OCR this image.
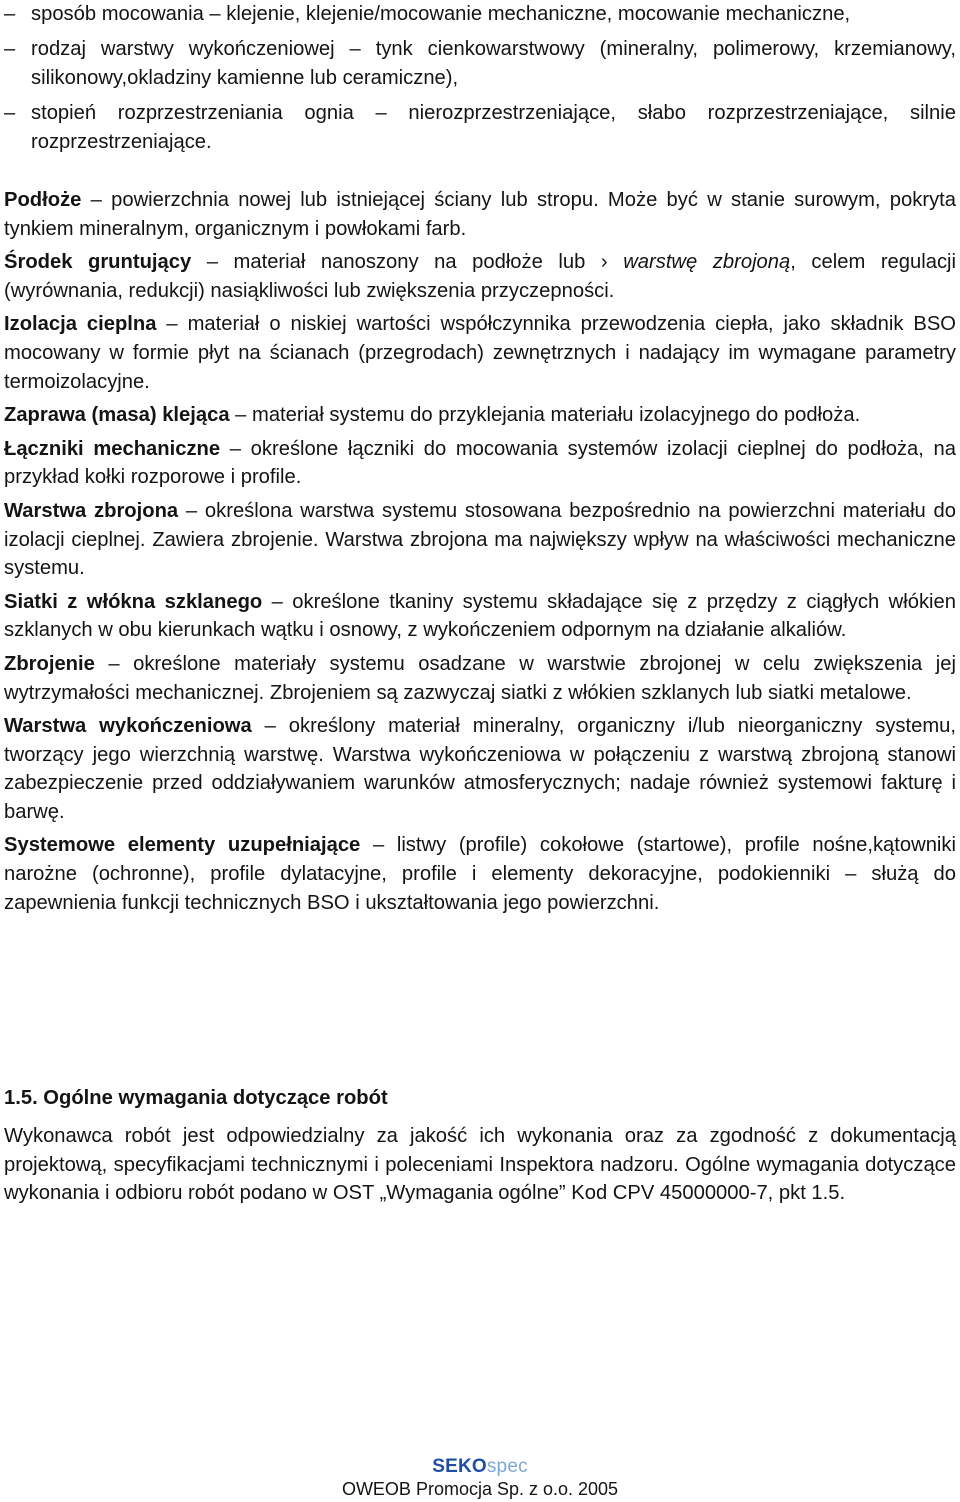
– sposób mocowania – klejenie, klejenie/mocowanie mechaniczne, mocowanie mechaniczne,
– rodzaj warstwy wykończeniowej – tynk cienkowarstwowy (mineralny, polimerowy, krzemianowy, silikonowy,okladziny kamienne lub ceramiczne),
– stopień rozprzestrzeniania ognia – nierozprzestrzeniające, słabo rozprzestrzeniające, silnie rozprzestrzeniające.

Podłoże – powierzchnia nowej lub istniejącej ściany lub stropu. Może być w stanie surowym, pokryta tynkiem mineralnym, organicznym i powłokami farb.

Środek gruntujący – materiał nanoszony na podłoże lub › warstwę zbrojoną, celem regulacji (wyrównania, redukcji) nasiąkliwości lub zwiększenia przyczepności.

Izolacja cieplna – materiał o niskiej wartości współczynnika przewodzenia ciepła, jako składnik BSO mocowany w formie płyt na ścianach (przegrodach) zewnętrznych i nadający im wymagane parametry termoizolacyjne.

Zaprawa (masa) klejąca – materiał systemu do przyklejania materiału izolacyjnego do podłoża.

Łączniki mechaniczne – określone łączniki do mocowania systemów izolacji cieplnej do podłoża, na przykład kołki rozporowe i profile.

Warstwa zbrojona – określona warstwa systemu stosowana bezpośrednio na powierzchni materiału do izolacji cieplnej. Zawiera zbrojenie. Warstwa zbrojona ma największy wpływ na właściwości mechaniczne systemu.

Siatki z włókna szklanego – określone tkaniny systemu składające się z przędzy z ciągłych włókien szklanych w obu kierunkach wątku i osnowy, z wykończeniem odpornym na działanie alkaliów.

Zbrojenie – określone materiały systemu osadzane w warstwie zbrojonej w celu zwiększenia jej wytrzymałości mechanicznej. Zbrojeniem są zazwyczaj siatki z włókien szklanych lub siatki metalowe.

Warstwa wykończeniowa – określony materiał mineralny, organiczny i/lub nieorganiczny systemu, tworzący jego wierzchnią warstwę. Warstwa wykończeniowa w połączeniu z warstwą zbrojoną stanowi zabezpieczenie przed oddziaływaniem warunków atmosferycznych; nadaje również systemowi fakturę i barwę.

Systemowe elementy uzupełniające – listwy (profile) cokołowe (startowe), profile nośne,kątowniki narożne (ochronne), profile dylatacyjne, profile i elementy dekoracyjne, podokienniki – służą do zapewnienia funkcji technicznych BSO i ukształtowania jego powierzchni.

1.5. Ogólne wymagania dotyczące robót

Wykonawca robót jest odpowiedzialny za jakość ich wykonania oraz za zgodność z dokumentacją projektową, specyfikacjami technicznymi i poleceniami Inspektora nadzoru. Ogólne wymagania dotyczące wykonania i odbioru robót podano w OST „Wymagania ogólne” Kod CPV 45000000-7, pkt 1.5.

SEKOspec
OWEOB Promocja Sp. z o.o. 2005
